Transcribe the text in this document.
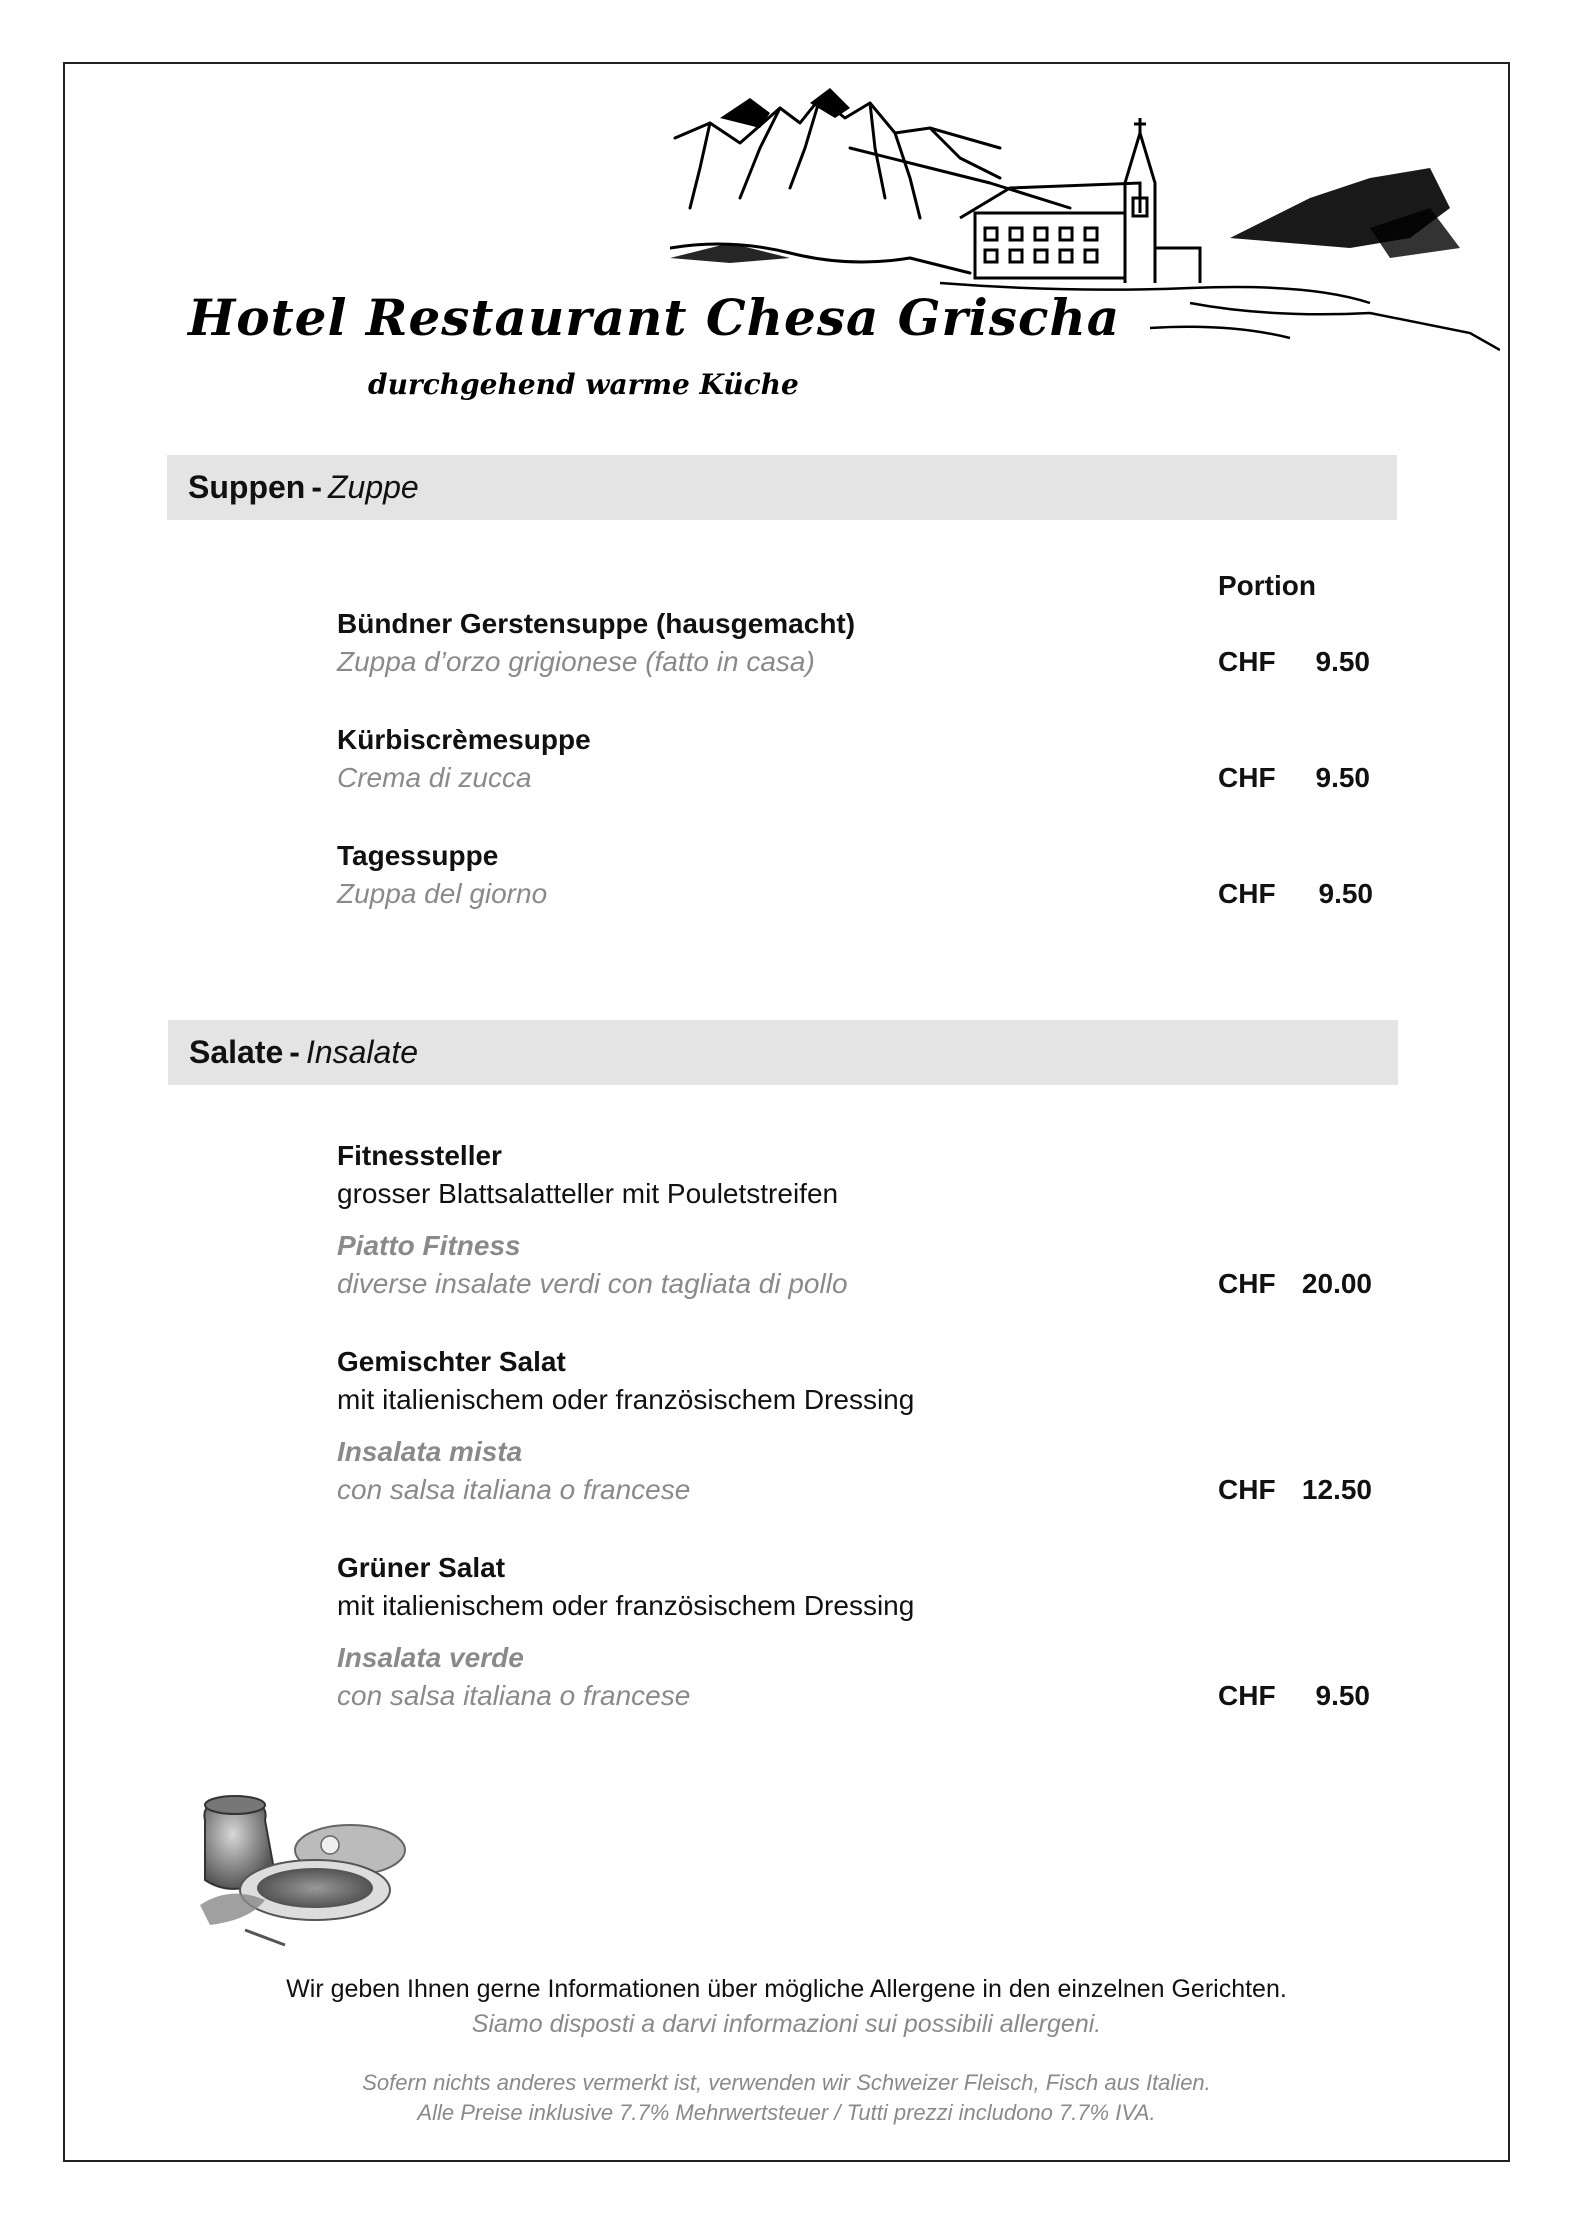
Hotel Restaurant Chesa Grischa
durchgehend warme Küche
Suppen - Zuppe
Portion
Bündner Gerstensuppe (hausgemacht)
Zuppa d’orzo grigionese (fatto in casa)	CHF	9.50
Kürbiscrèmesuppe
Crema di zucca	CHF	9.50
Tagessuppe
Zuppa del giorno	CHF	9.50
Salate - Insalate
Fitnessteller
grosser Blattsalatteller mit Pouletstreifen
Piatto Fitness
diverse insalate verdi con tagliata di pollo	CHF 20.00
Gemischter Salat
mit italienischem oder französischem Dressing
Insalata mista
con salsa italiana o francese	CHF 12.50
Grüner Salat
mit italienischem oder französischem Dressing
Insalata verde
con salsa italiana o francese	CHF	9.50
Wir geben Ihnen gerne Informationen über mögliche Allergene in den einzelnen Gerichten.
Siamo disposti a darvi informazioni sui possibili allergeni.
Sofern nichts anderes vermerkt ist, verwenden wir Schweizer Fleisch, Fisch aus Italien.
Alle Preise inklusive 7.7% Mehrwertsteuer / Tutti prezzi includono 7.7% IVA.
